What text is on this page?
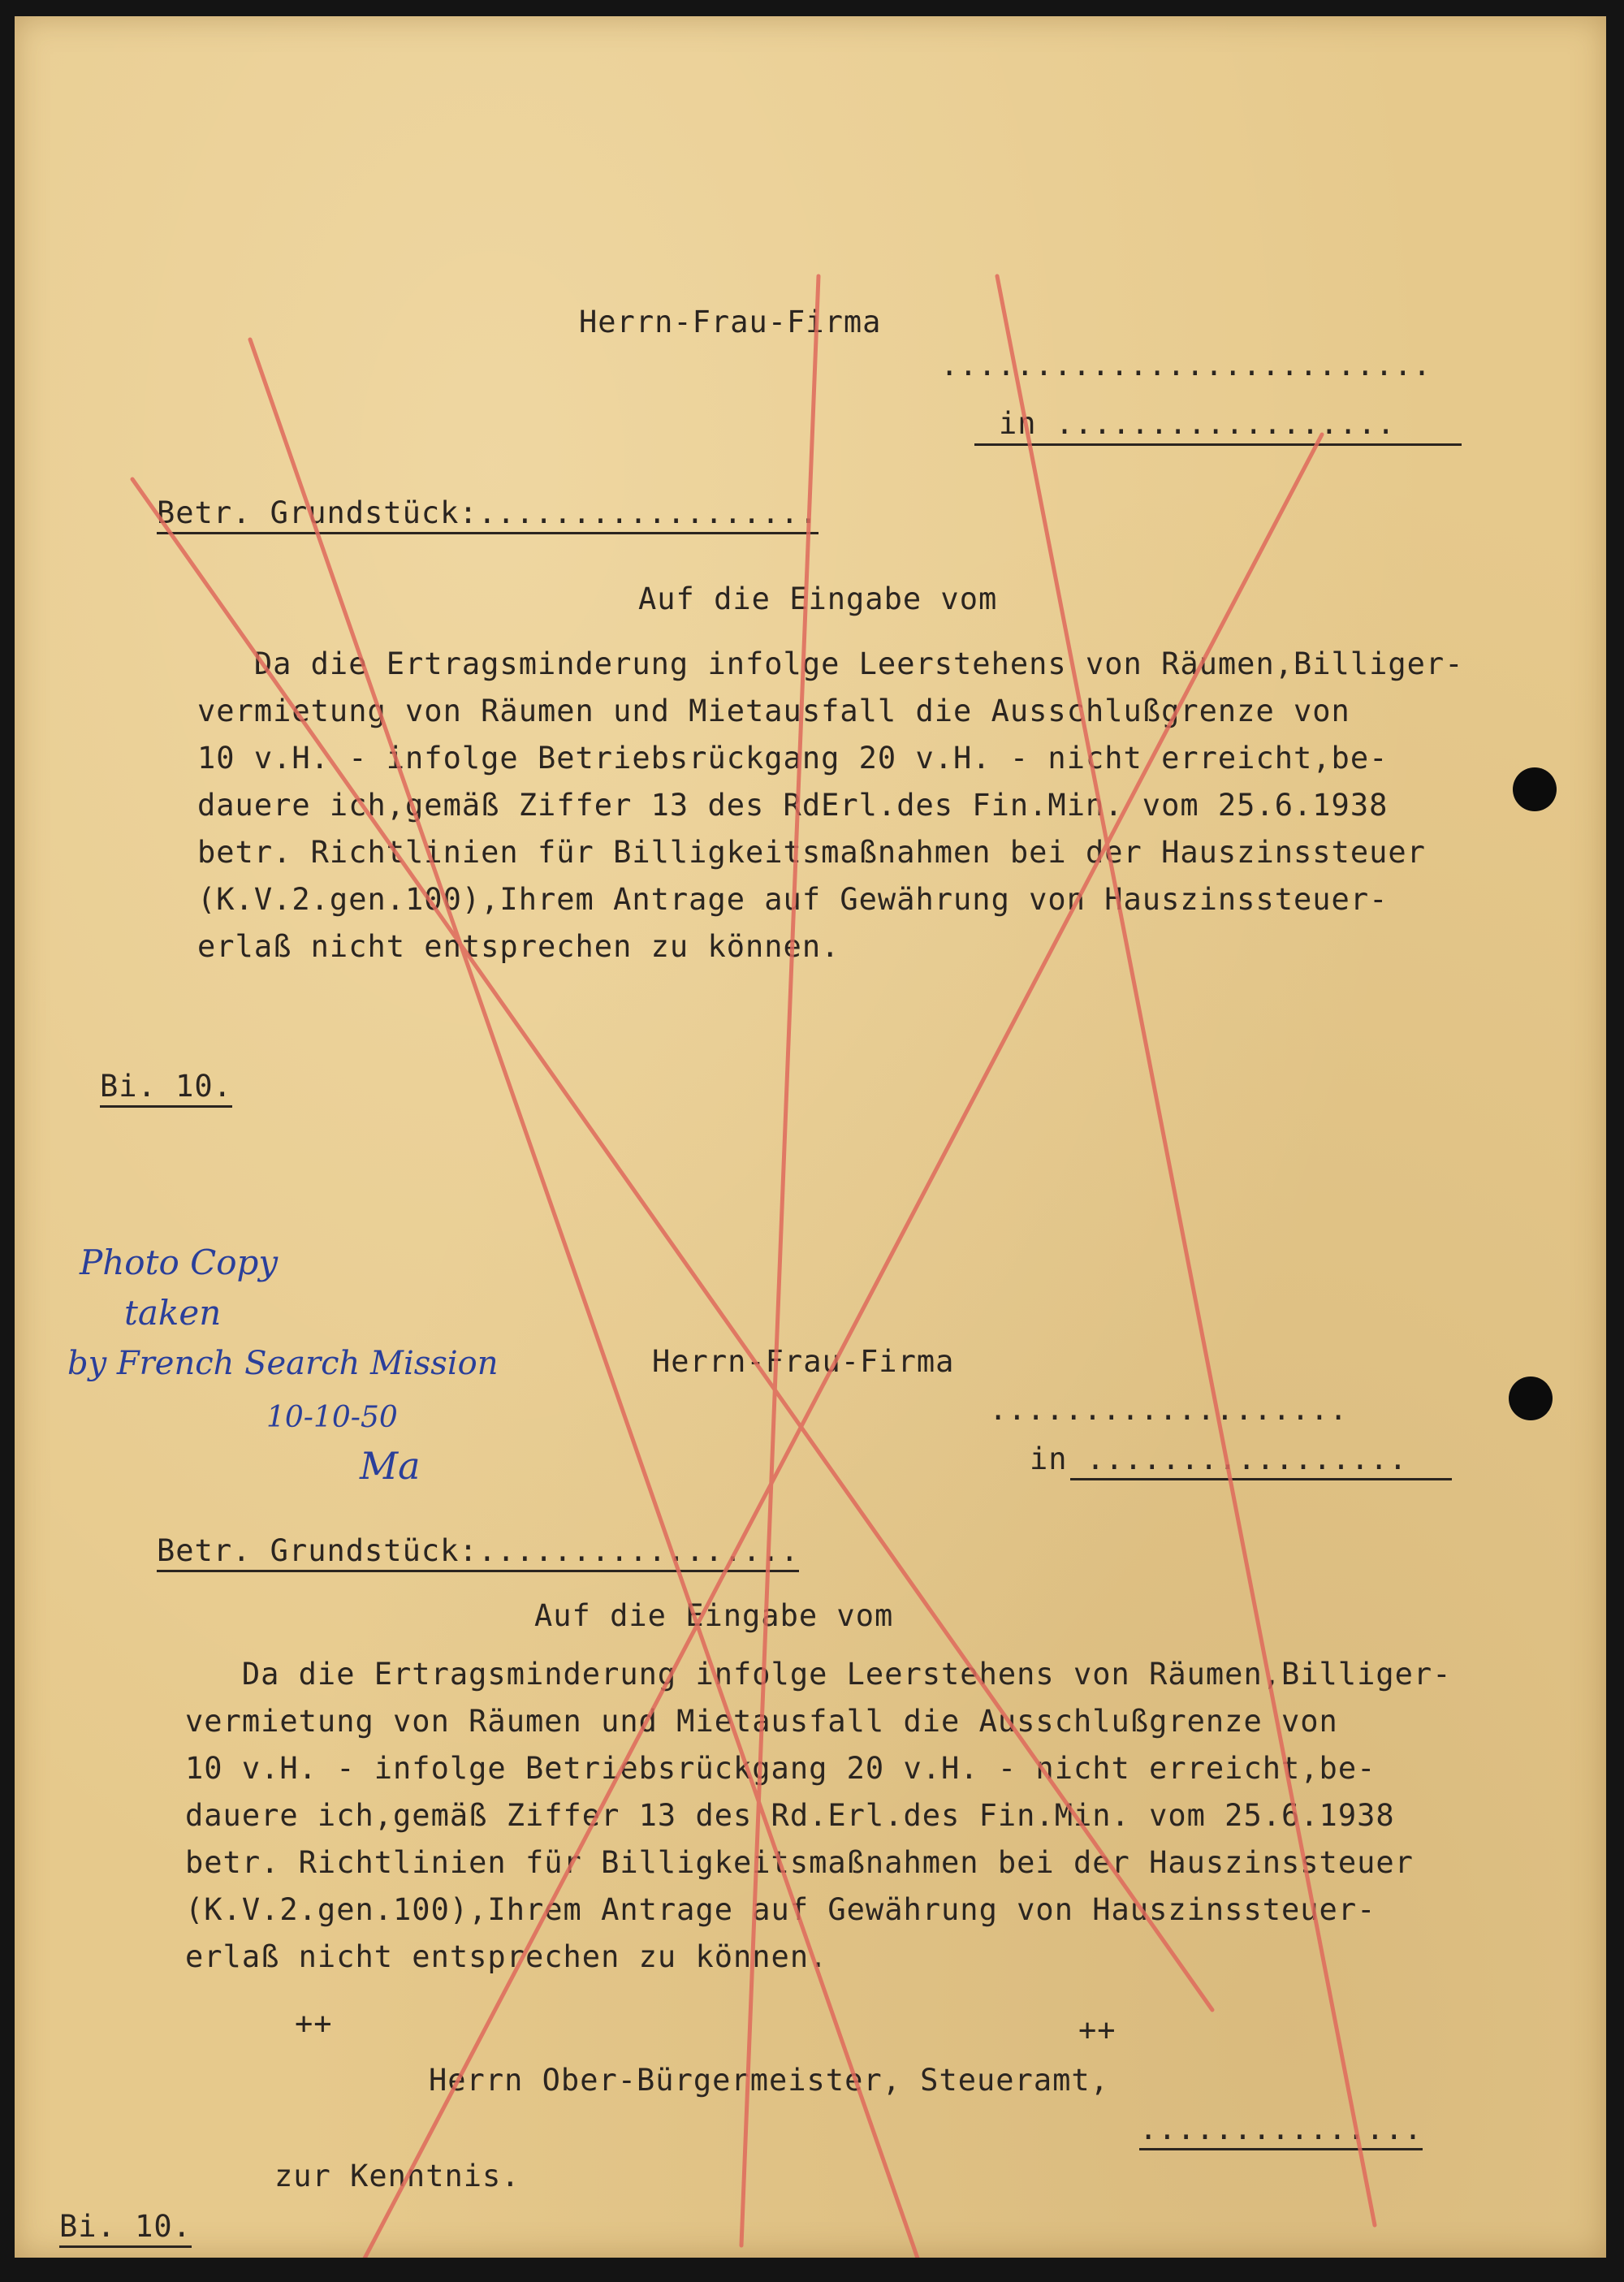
Herrn-Frau-Firma

..........................

in ..................

Betr. Grundstück:..................

Auf die Eingabe vom

Da die Ertragsminderung infolge Leerstehens von Räumen,Billiger-

vermietung von Räumen und Mietausfall die Ausschlußgrenze von

10 v.H. - infolge Betriebsrückgang 20 v.H. - nicht erreicht,be-

dauere ich,gemäß Ziffer 13 des RdErl.des Fin.Min. vom 25.6.1938

betr. Richtlinien für Billigkeitsmaßnahmen bei der Hauszinssteuer

(K.V.2.gen.100),Ihrem Antrage auf Gewährung von Hauszinssteuer-

erlaß nicht entsprechen zu können.

Bi. 10.

Photo Copy

taken

by French Search Mission

10-10-50

Ma

Herrn-Frau-Firma

...................

in .................

Betr. Grundstück:.................

Auf die Eingabe vom

Da die Ertragsminderung infolge Leerstehens von Räumen,Billiger-

vermietung von Räumen und Mietausfall die Ausschlußgrenze von

10 v.H. - infolge Betriebsrückgang 20 v.H. - nicht erreicht,be-

dauere ich,gemäß Ziffer 13 des Rd.Erl.des Fin.Min. vom 25.6.1938

betr. Richtlinien für Billigkeitsmaßnahmen bei der Hauszinssteuer

(K.V.2.gen.100),Ihrem Antrage auf Gewährung von Hauszinssteuer-

erlaß nicht entsprechen zu können.

++	++

Herrn Ober-Bürgermeister, Steueramt,

...............

zur Kenntnis.

Bi. 10.
